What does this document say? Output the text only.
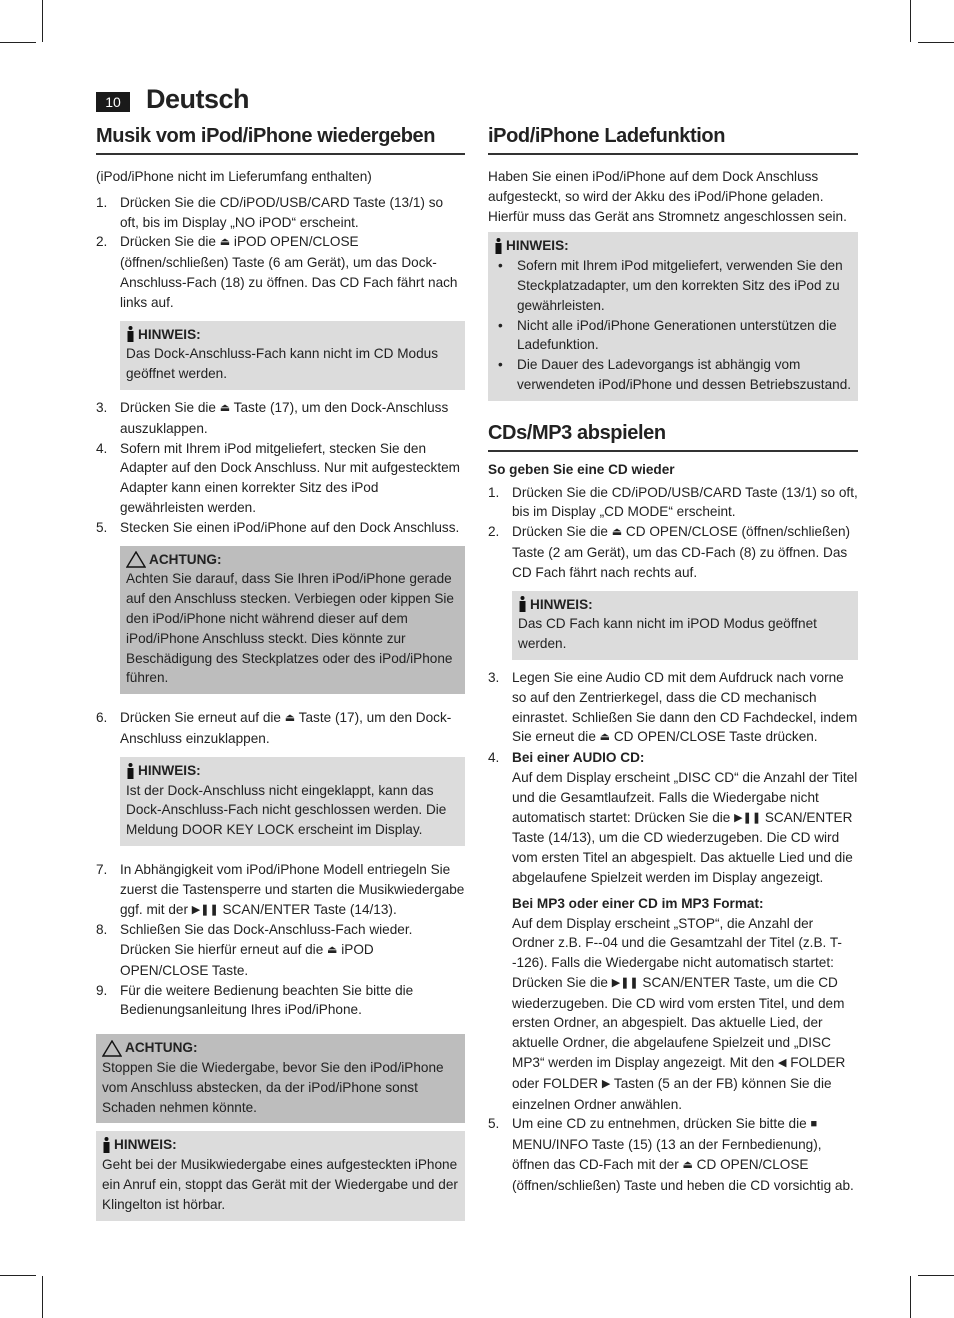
10 Deutsch
Musik vom iPod/iPhone wiedergeben

(iPod/iPhone nicht im Lieferumfang enthalten)

1. Drücken Sie die CD/iPOD/USB/CARD Taste (13/1) so oft, bis im Display „NO iPOD“ erscheint.
2. Drücken Sie die ⏏ iPOD OPEN/CLOSE (öffnen/schließen) Taste (6 am Gerät), um das Dock-Anschluss-Fach (18) zu öffnen. Das CD Fach fährt nach links auf.
HINWEIS:
Das Dock-Anschluss-Fach kann nicht im CD Modus geöffnet werden.
3. Drücken Sie die ⏏ Taste (17), um den Dock-Anschluss auszuklappen.
4. Sofern mit Ihrem iPod mitgeliefert, stecken Sie den Adapter auf den Dock Anschluss. Nur mit aufgestecktem Adapter kann einen korrekter Sitz des iPod gewährleisten werden.
5. Stecken Sie einen iPod/iPhone auf den Dock Anschluss.
ACHTUNG:
Achten Sie darauf, dass Sie Ihren iPod/iPhone gerade auf den Anschluss stecken. Verbiegen oder kippen Sie den iPod/iPhone nicht während dieser auf dem iPod/iPhone Anschluss steckt. Dies könnte zur Beschädigung des Steckplatzes oder des iPod/iPhone führen.
6. Drücken Sie erneut auf die ⏏ Taste (17), um den Dock-Anschluss einzuklappen.
HINWEIS:
Ist der Dock-Anschluss nicht eingeklappt, kann das Dock-Anschluss-Fach nicht geschlossen werden. Die Meldung DOOR KEY LOCK erscheint im Display.
7. In Abhängigkeit vom iPod/iPhone Modell entriegeln Sie zuerst die Tastensperre und starten die Musikwiedergabe ggf. mit der ▶❚❚ SCAN/ENTER Taste (14/13).
8. Schließen Sie das Dock-Anschluss-Fach wieder. Drücken Sie hierfür erneut auf die ⏏ iPOD OPEN/CLOSE Taste.
9. Für die weitere Bedienung beachten Sie bitte die Bedienungsanleitung Ihres iPod/iPhone.
ACHTUNG:
Stoppen Sie die Wiedergabe, bevor Sie den iPod/iPhone vom Anschluss abstecken, da der iPod/iPhone sonst Schaden nehmen könnte.
HINWEIS:
Geht bei der Musikwiedergabe eines aufgesteckten iPhone ein Anruf ein, stoppt das Gerät mit der Wiedergabe und der Klingelton ist hörbar.
iPod/iPhone Ladefunktion

Haben Sie einen iPod/iPhone auf dem Dock Anschluss aufgesteckt, so wird der Akku des iPod/iPhone geladen. Hierfür muss das Gerät ans Stromnetz angeschlossen sein.

HINWEIS:
• Sofern mit Ihrem iPod mitgeliefert, verwenden Sie den Steckplatzadapter, um den korrekten Sitz des iPod zu gewährleisten.
• Nicht alle iPod/iPhone Generationen unterstützen die Ladefunktion.
• Die Dauer des Ladevorgangs ist abhängig vom verwendeten iPod/iPhone und dessen Betriebszustand.
CDs/MP3 abspielen

So geben Sie eine CD wieder

1. Drücken Sie die CD/iPOD/USB/CARD Taste (13/1) so oft, bis im Display „CD MODE“ erscheint.
2. Drücken Sie die ⏏ CD OPEN/CLOSE (öffnen/schließen) Taste (2 am Gerät), um das CD-Fach (8) zu öffnen. Das CD Fach fährt nach rechts auf.
HINWEIS:
Das CD Fach kann nicht im iPOD Modus geöffnet werden.
3. Legen Sie eine Audio CD mit dem Aufdruck nach vorne so auf den Zentrierkegel, dass die CD mechanisch einrastet. Schließen Sie dann den CD Fachdeckel, indem Sie erneut die ⏏ CD OPEN/CLOSE Taste drücken.
4. Bei einer AUDIO CD:
Auf dem Display erscheint „DISC CD“ die Anzahl der Titel und die Gesamtlaufzeit. Falls die Wiedergabe nicht automatisch startet: Drücken Sie die ▶❚❚ SCAN/ENTER Taste (14/13), um die CD wiederzugeben. Die CD wird vom ersten Titel an abgespielt. Das aktuelle Lied und die abgelaufene Spielzeit werden im Display angezeigt.
Bei MP3 oder einer CD im MP3 Format:
Auf dem Display erscheint „STOP“, die Anzahl der Ordner z.B. F--04 und die Gesamtzahl der Titel (z.B. T--126). Falls die Wiedergabe nicht automatisch startet: Drücken Sie die ▶❚❚ SCAN/ENTER Taste, um die CD wiederzugeben. Die CD wird vom ersten Titel, und dem ersten Ordner, an abgespielt. Das aktuelle Lied, der aktuelle Ordner, die abgelaufene Spielzeit und „DISC MP3“ werden im Display angezeigt. Mit den ◀ FOLDER oder FOLDER ▶ Tasten (5 an der FB) können Sie die einzelnen Ordner anwählen.
5. Um eine CD zu entnehmen, drücken Sie bitte die ■ MENU/INFO Taste (15) (13 an der Fernbedienung), öffnen das CD-Fach mit der ⏏ CD OPEN/CLOSE (öffnen/schließen) Taste und heben die CD vorsichtig ab.
